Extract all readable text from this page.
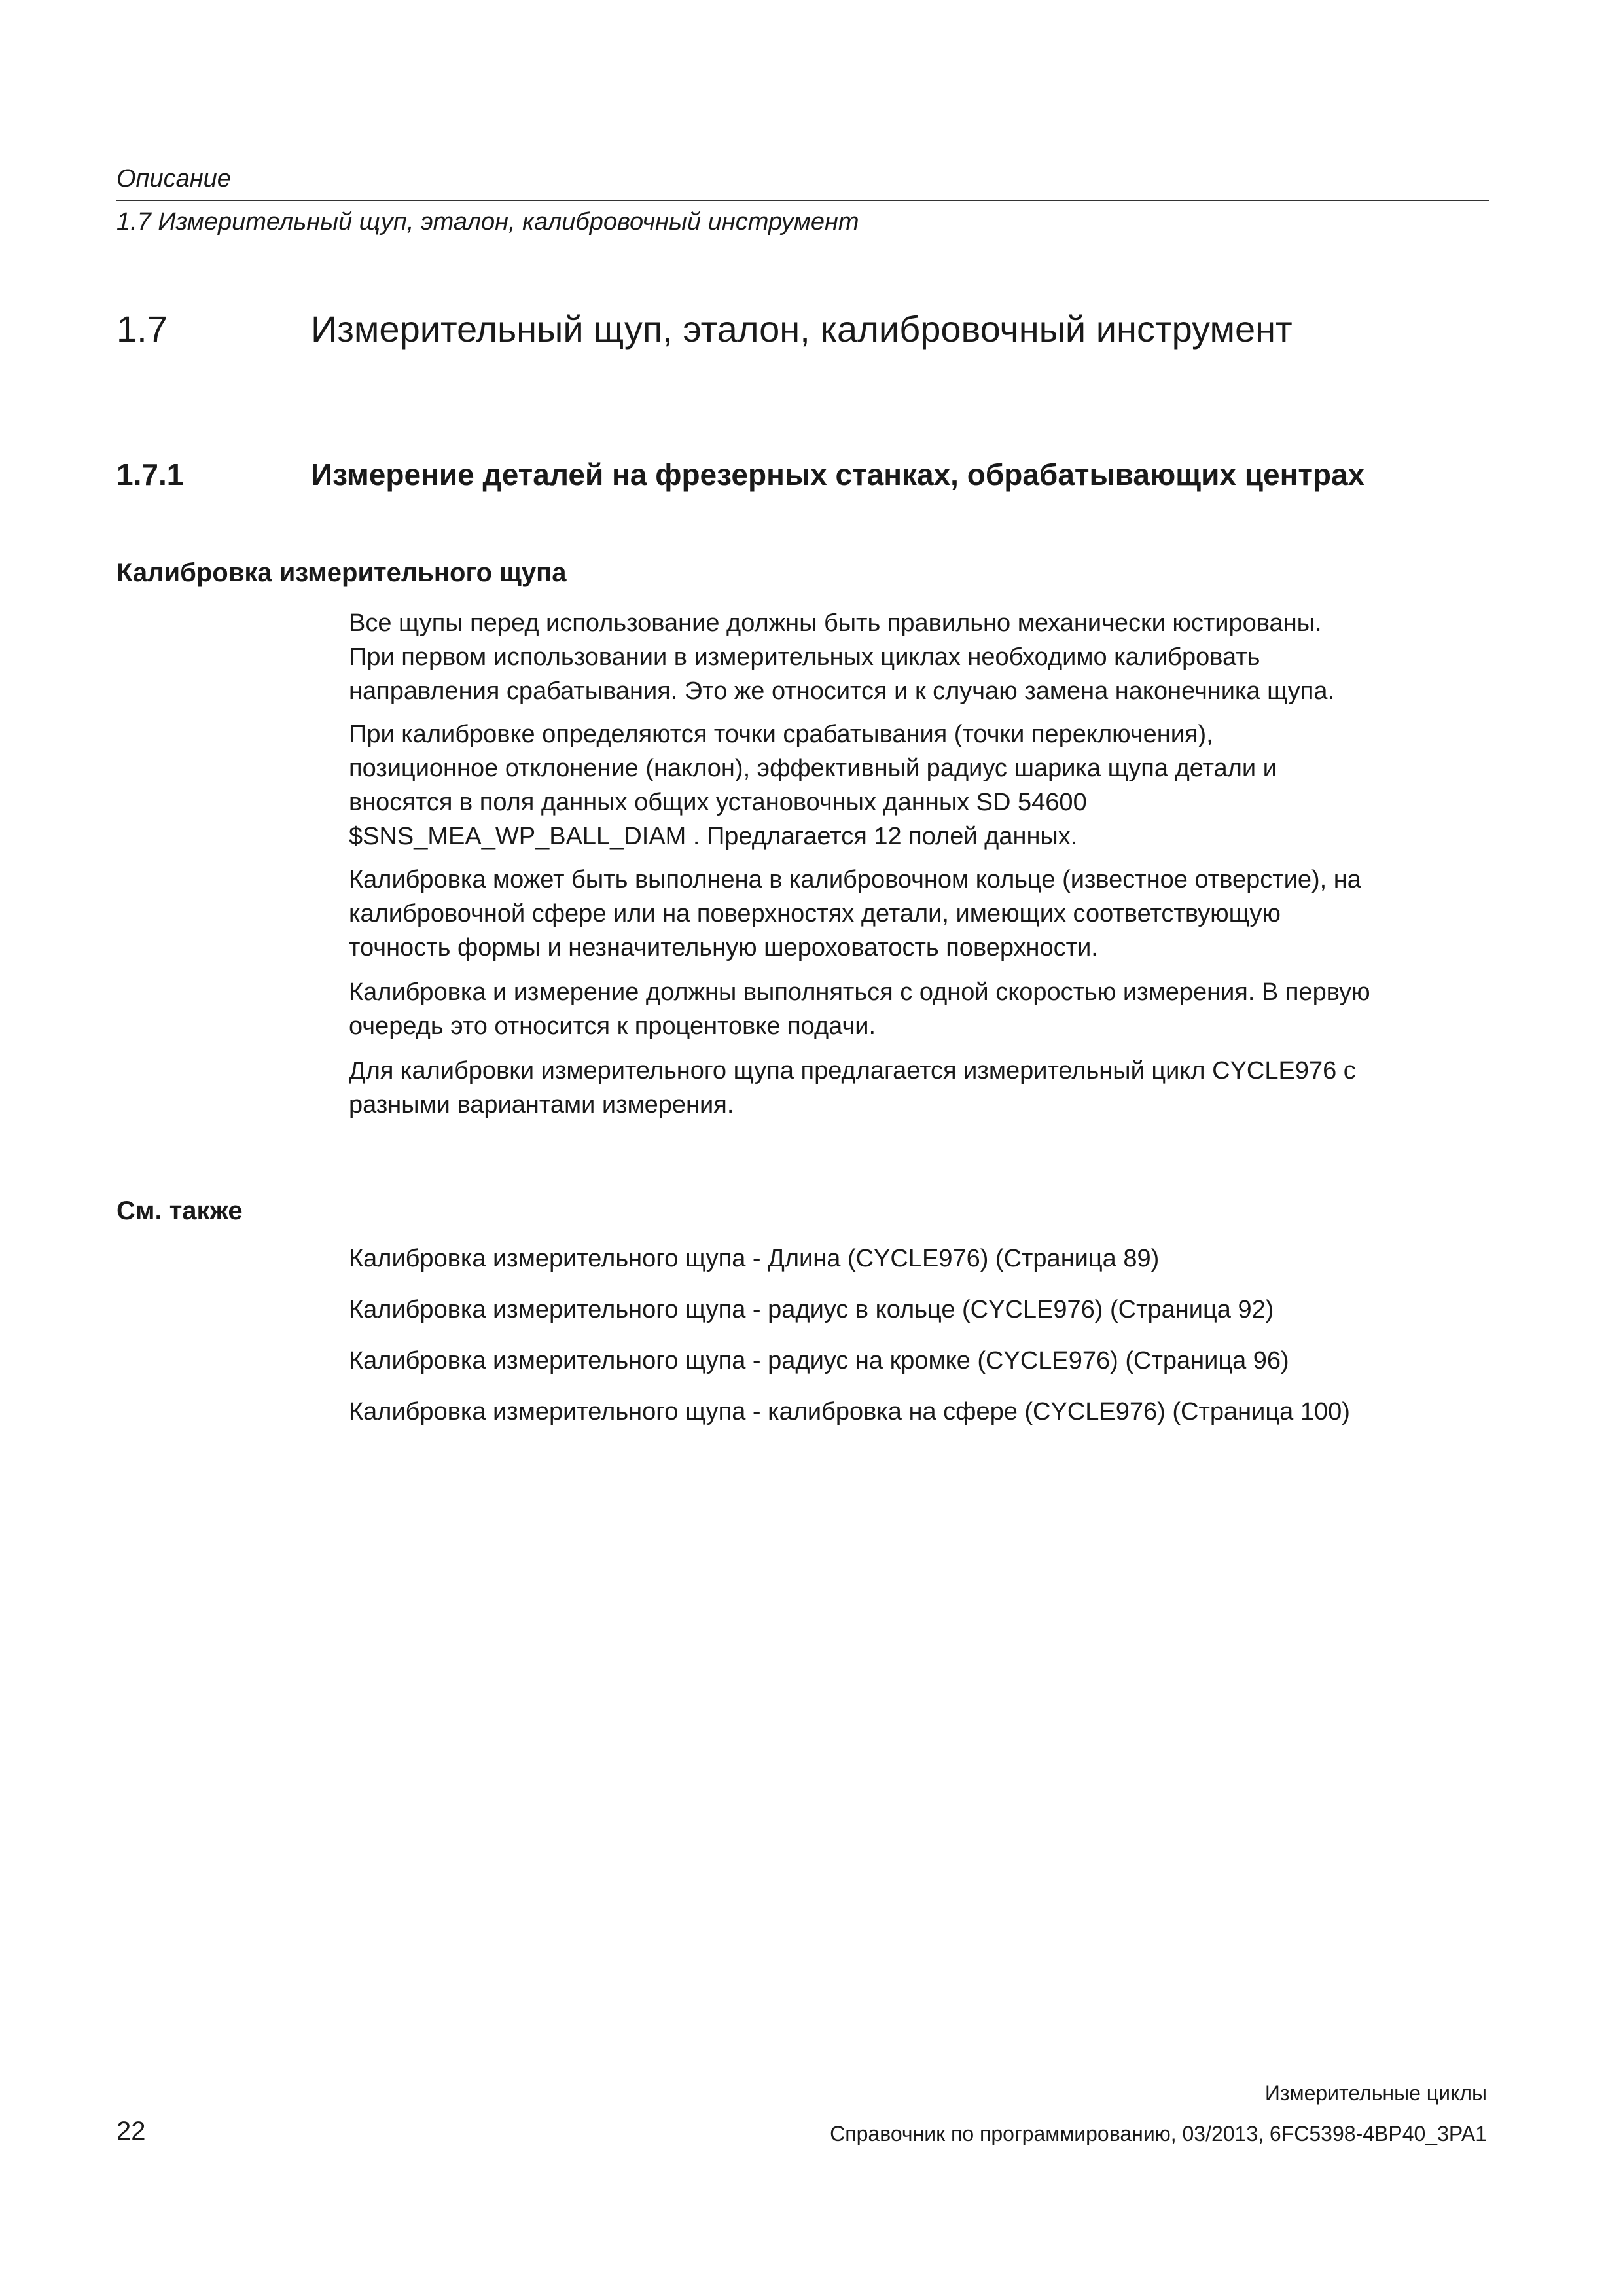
Описание
1.7 Измерительный щуп, эталон, калибровочный инструмент
1.7	Измерительный щуп, эталон, калибровочный инструмент
1.7.1	Измерение деталей на фрезерных станках, обрабатывающих центрах
Калибровка измерительного щупа
Все щупы перед использование должны быть правильно механически юстированы.
При первом использовании в измерительных циклах необходимо калибровать
направления срабатывания. Это же относится и к случаю замена наконечника щупа.
При калибровке определяются точки срабатывания (точки переключения),
позиционное отклонение (наклон), эффективный радиус шарика щупа детали и
вносятся в поля данных общих установочных данных SD 54600
$SNS_MEA_WP_BALL_DIAM . Предлагается 12 полей данных.
Калибровка может быть выполнена в калибровочном кольце (известное отверстие), на
калибровочной сфере или на поверхностях детали, имеющих соответствующую
точность формы и незначительную шероховатость поверхности.
Калибровка и измерение должны выполняться с одной скоростью измерения. В первую
очередь это относится к процентовке подачи.
Для калибровки измерительного щупа предлагается измерительный цикл CYCLE976 с
разными вариантами измерения.
См. также
Калибровка измерительного щупа - Длина (CYCLE976) (Страница 89)
Калибровка измерительного щупа - радиус в кольце (CYCLE976) (Страница 92)
Калибровка измерительного щупа - радиус на кромке (CYCLE976) (Страница 96)
Калибровка измерительного щупа - калибровка на сфере (CYCLE976) (Страница 100)
Измерительные циклы
22	Справочник по программированию, 03/2013, 6FC5398-4BP40_3PA1
